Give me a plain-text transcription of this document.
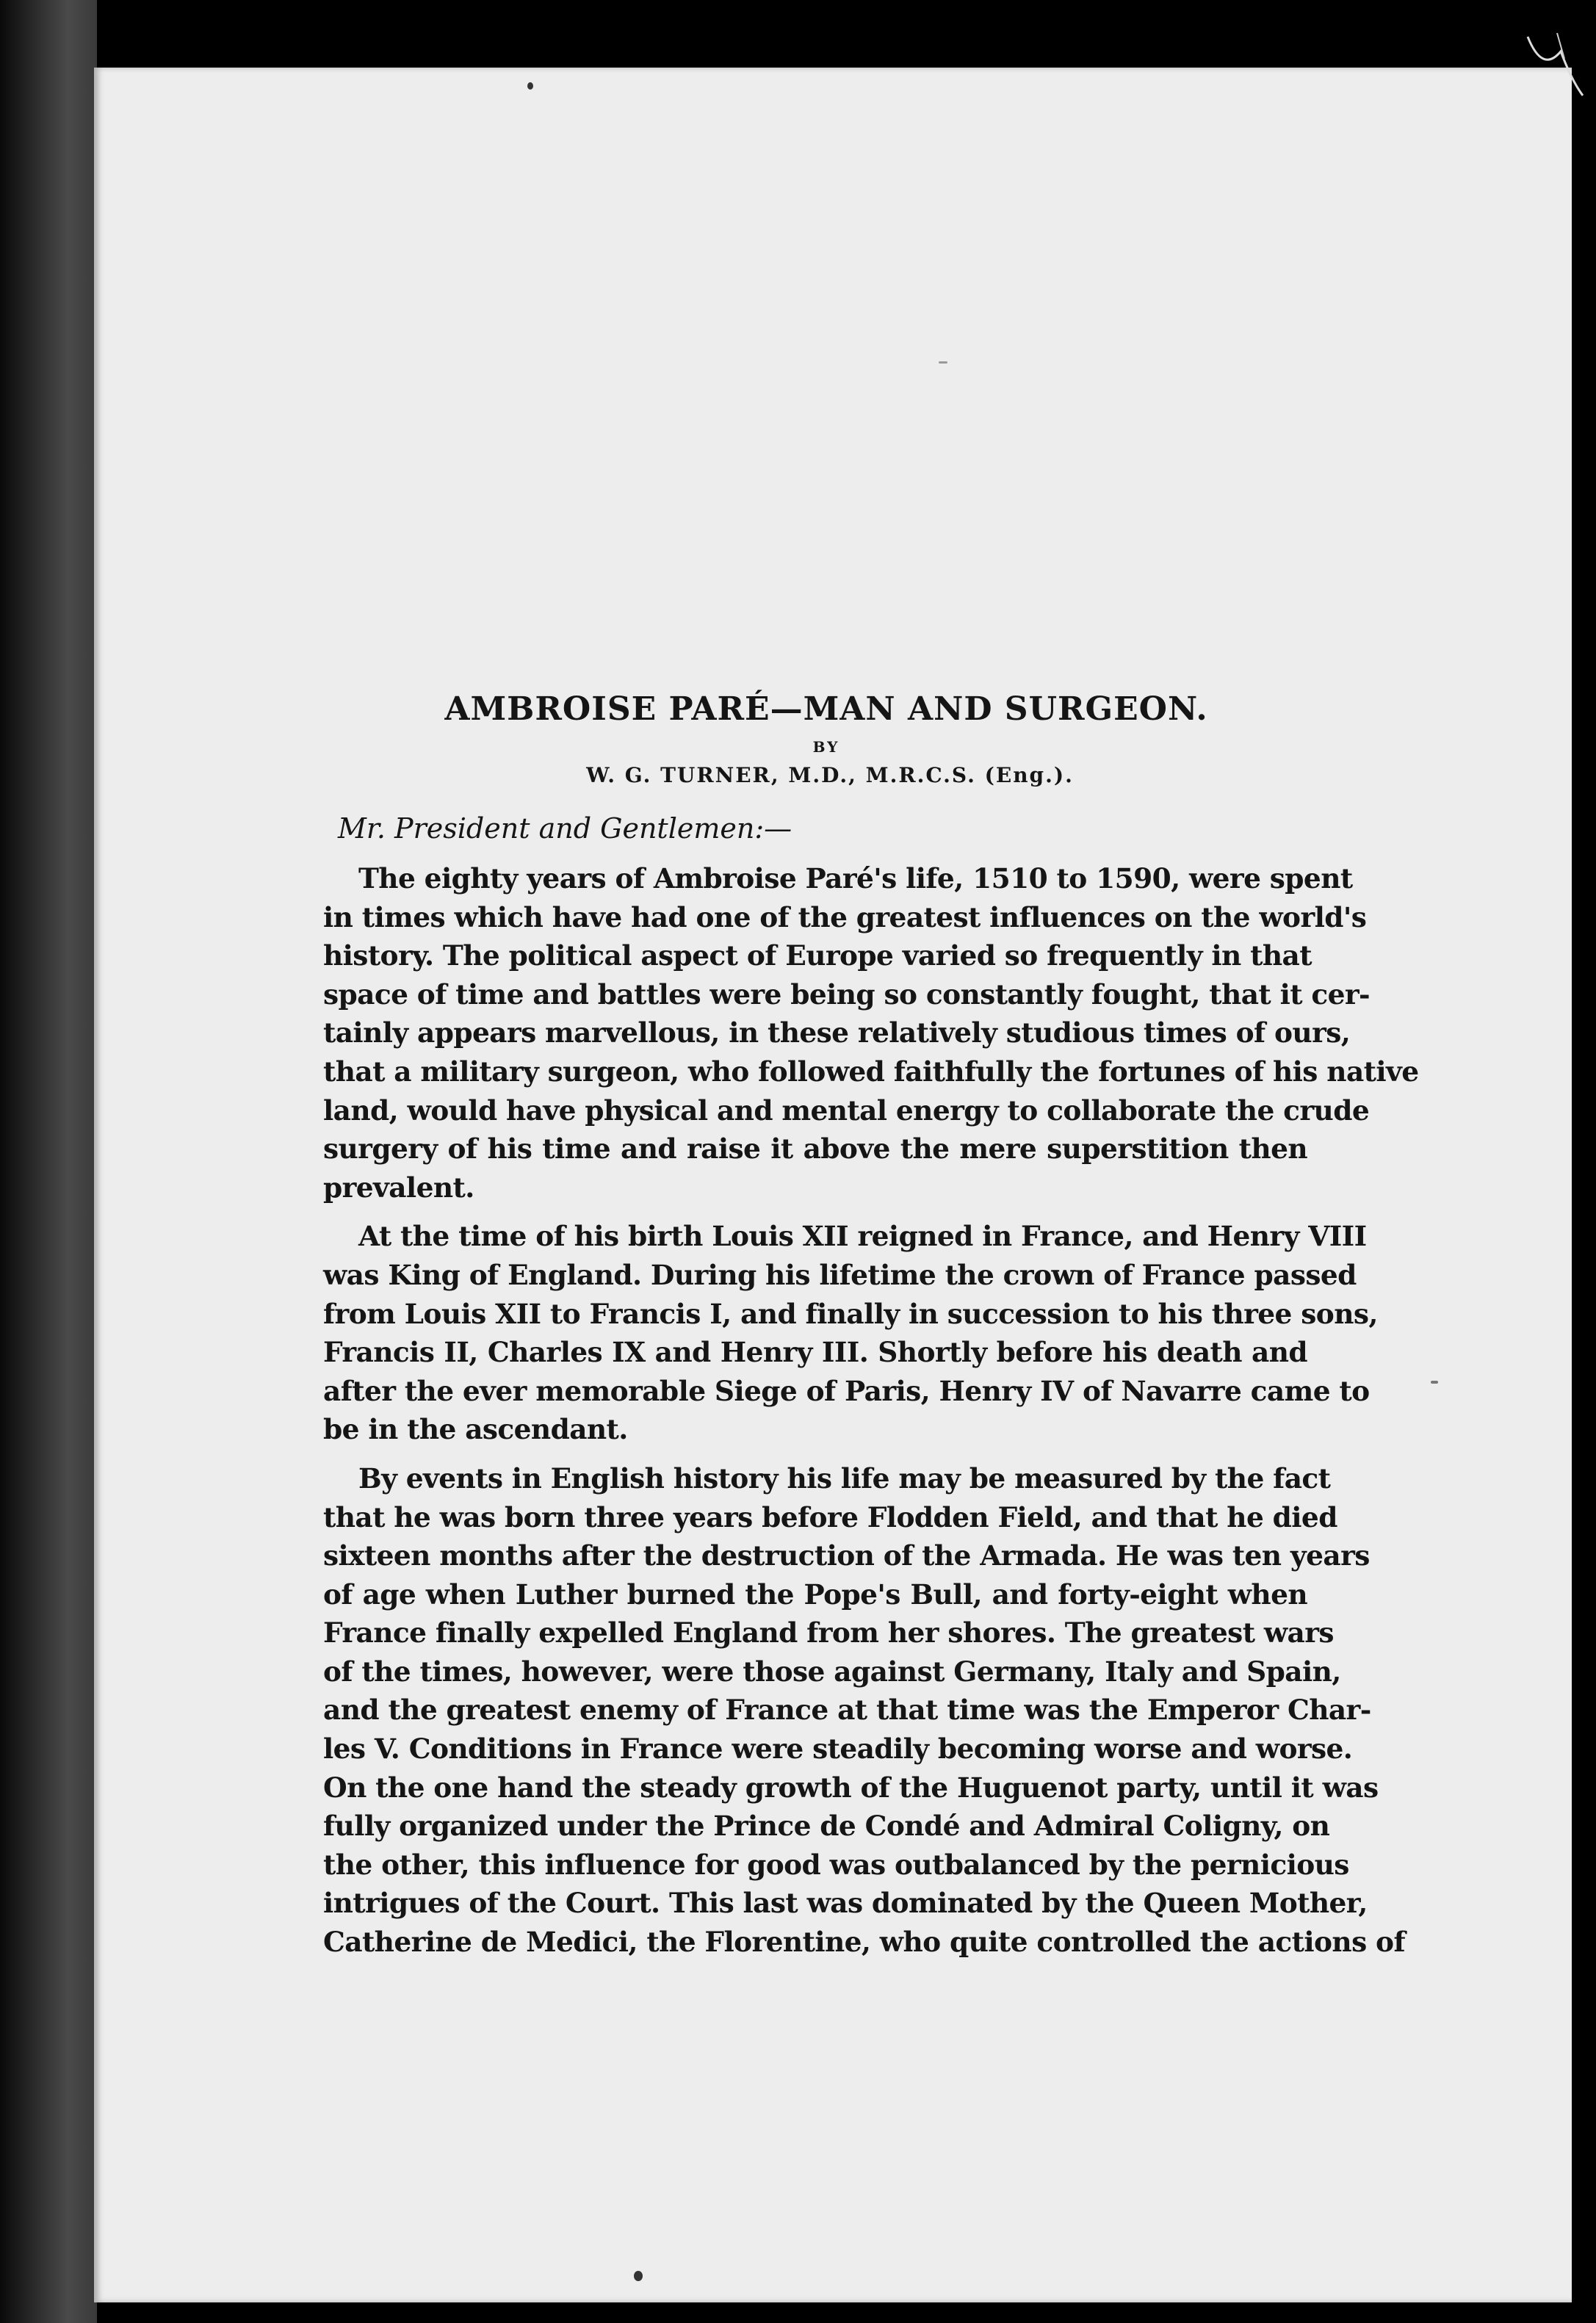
AMBROISE PARÉ—MAN AND SURGEON.
BY
W. G. TURNER, M.D., M.R.C.S. (Eng.).
Mr. President and Gentlemen:—
The eighty years of Ambroise Paré's life, 1510 to 1590, were spent
in times which have had one of the greatest influences on the world's
history. The political aspect of Europe varied so frequently in that
space of time and battles were being so constantly fought, that it cer-
tainly appears marvellous, in these relatively studious times of ours,
that a military surgeon, who followed faithfully the fortunes of his native
land, would have physical and mental energy to collaborate the crude
surgery of his time and raise it above the mere superstition then
prevalent.
At the time of his birth Louis XII reigned in France, and Henry VIII
was King of England. During his lifetime the crown of France passed
from Louis XII to Francis I, and finally in succession to his three sons,
Francis II, Charles IX and Henry III. Shortly before his death and
after the ever memorable Siege of Paris, Henry IV of Navarre came to
be in the ascendant.
By events in English history his life may be measured by the fact
that he was born three years before Flodden Field, and that he died
sixteen months after the destruction of the Armada. He was ten years
of age when Luther burned the Pope's Bull, and forty-eight when
France finally expelled England from her shores. The greatest wars
of the times, however, were those against Germany, Italy and Spain,
and the greatest enemy of France at that time was the Emperor Char-
les V. Conditions in France were steadily becoming worse and worse.
On the one hand the steady growth of the Huguenot party, until it was
fully organized under the Prince de Condé and Admiral Coligny, on
the other, this influence for good was outbalanced by the pernicious
intrigues of the Court. This last was dominated by the Queen Mother,
Catherine de Medici, the Florentine, who quite controlled the actions of
